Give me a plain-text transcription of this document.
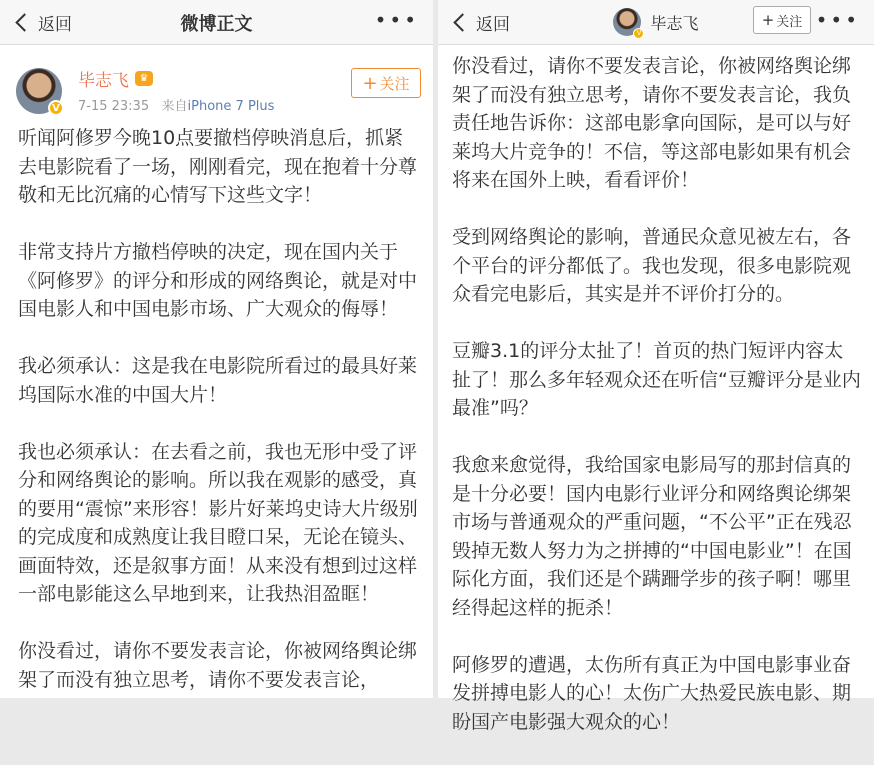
返回	微博正文	•••
V
毕志飞	♛
7-15 23:35 来自iPhone 7 Plus
+ 关注

听闻阿修罗今晚10点要撤档停映消息后，抓紧去电影院看了一场，刚刚看完，现在抱着十分尊敬和无比沉痛的心情写下这些文字！

非常支持片方撤档停映的决定，现在国内关于《阿修罗》的评分和形成的网络舆论，就是对中国电影人和中国电影市场、广大观众的侮辱！

我必须承认：这是我在电影院所看过的最具好莱坞国际水准的中国大片！

我也必须承认：在去看之前，我也无形中受了评分和网络舆论的影响。所以我在观影的感受，真的要用“震惊”来形容！影片好莱坞史诗大片级别的完成度和成熟度让我目瞪口呆，无论在镜头、画面特效，还是叙事方面！从来没有想到过这样一部电影能这么早地到来，让我热泪盈眶！

你没看过，请你不要发表言论，你被网络舆论绑架了而没有独立思考，请你不要发表言论，

返回	V
毕志飞	+ 关注 •••

你没看过，请你不要发表言论，你被网络舆论绑架了而没有独立思考，请你不要发表言论，我负责任地告诉你：这部电影拿向国际，是可以与好莱坞大片竞争的！不信，等这部电影如果有机会将来在国外上映，看看评价！

受到网络舆论的影响，普通民众意见被左右，各个平台的评分都低了。我也发现，很多电影院观众看完电影后，其实是并不评价打分的。

豆瓣3.1的评分太扯了！首页的热门短评内容太扯了！那么多年轻观众还在听信“豆瓣评分是业内最准”吗？

我愈来愈觉得，我给国家电影局写的那封信真的是十分必要！国内电影行业评分和网络舆论绑架市场与普通观众的严重问题，“不公平”正在残忍毁掉无数人努力为之拼搏的“中国电影业”！在国际化方面，我们还是个蹒跚学步的孩子啊！哪里经得起这样的扼杀！

阿修罗的遭遇，太伤所有真正为中国电影事业奋发拼搏电影人的心！太伤广大热爱民族电影、期盼国产电影强大观众的心！
